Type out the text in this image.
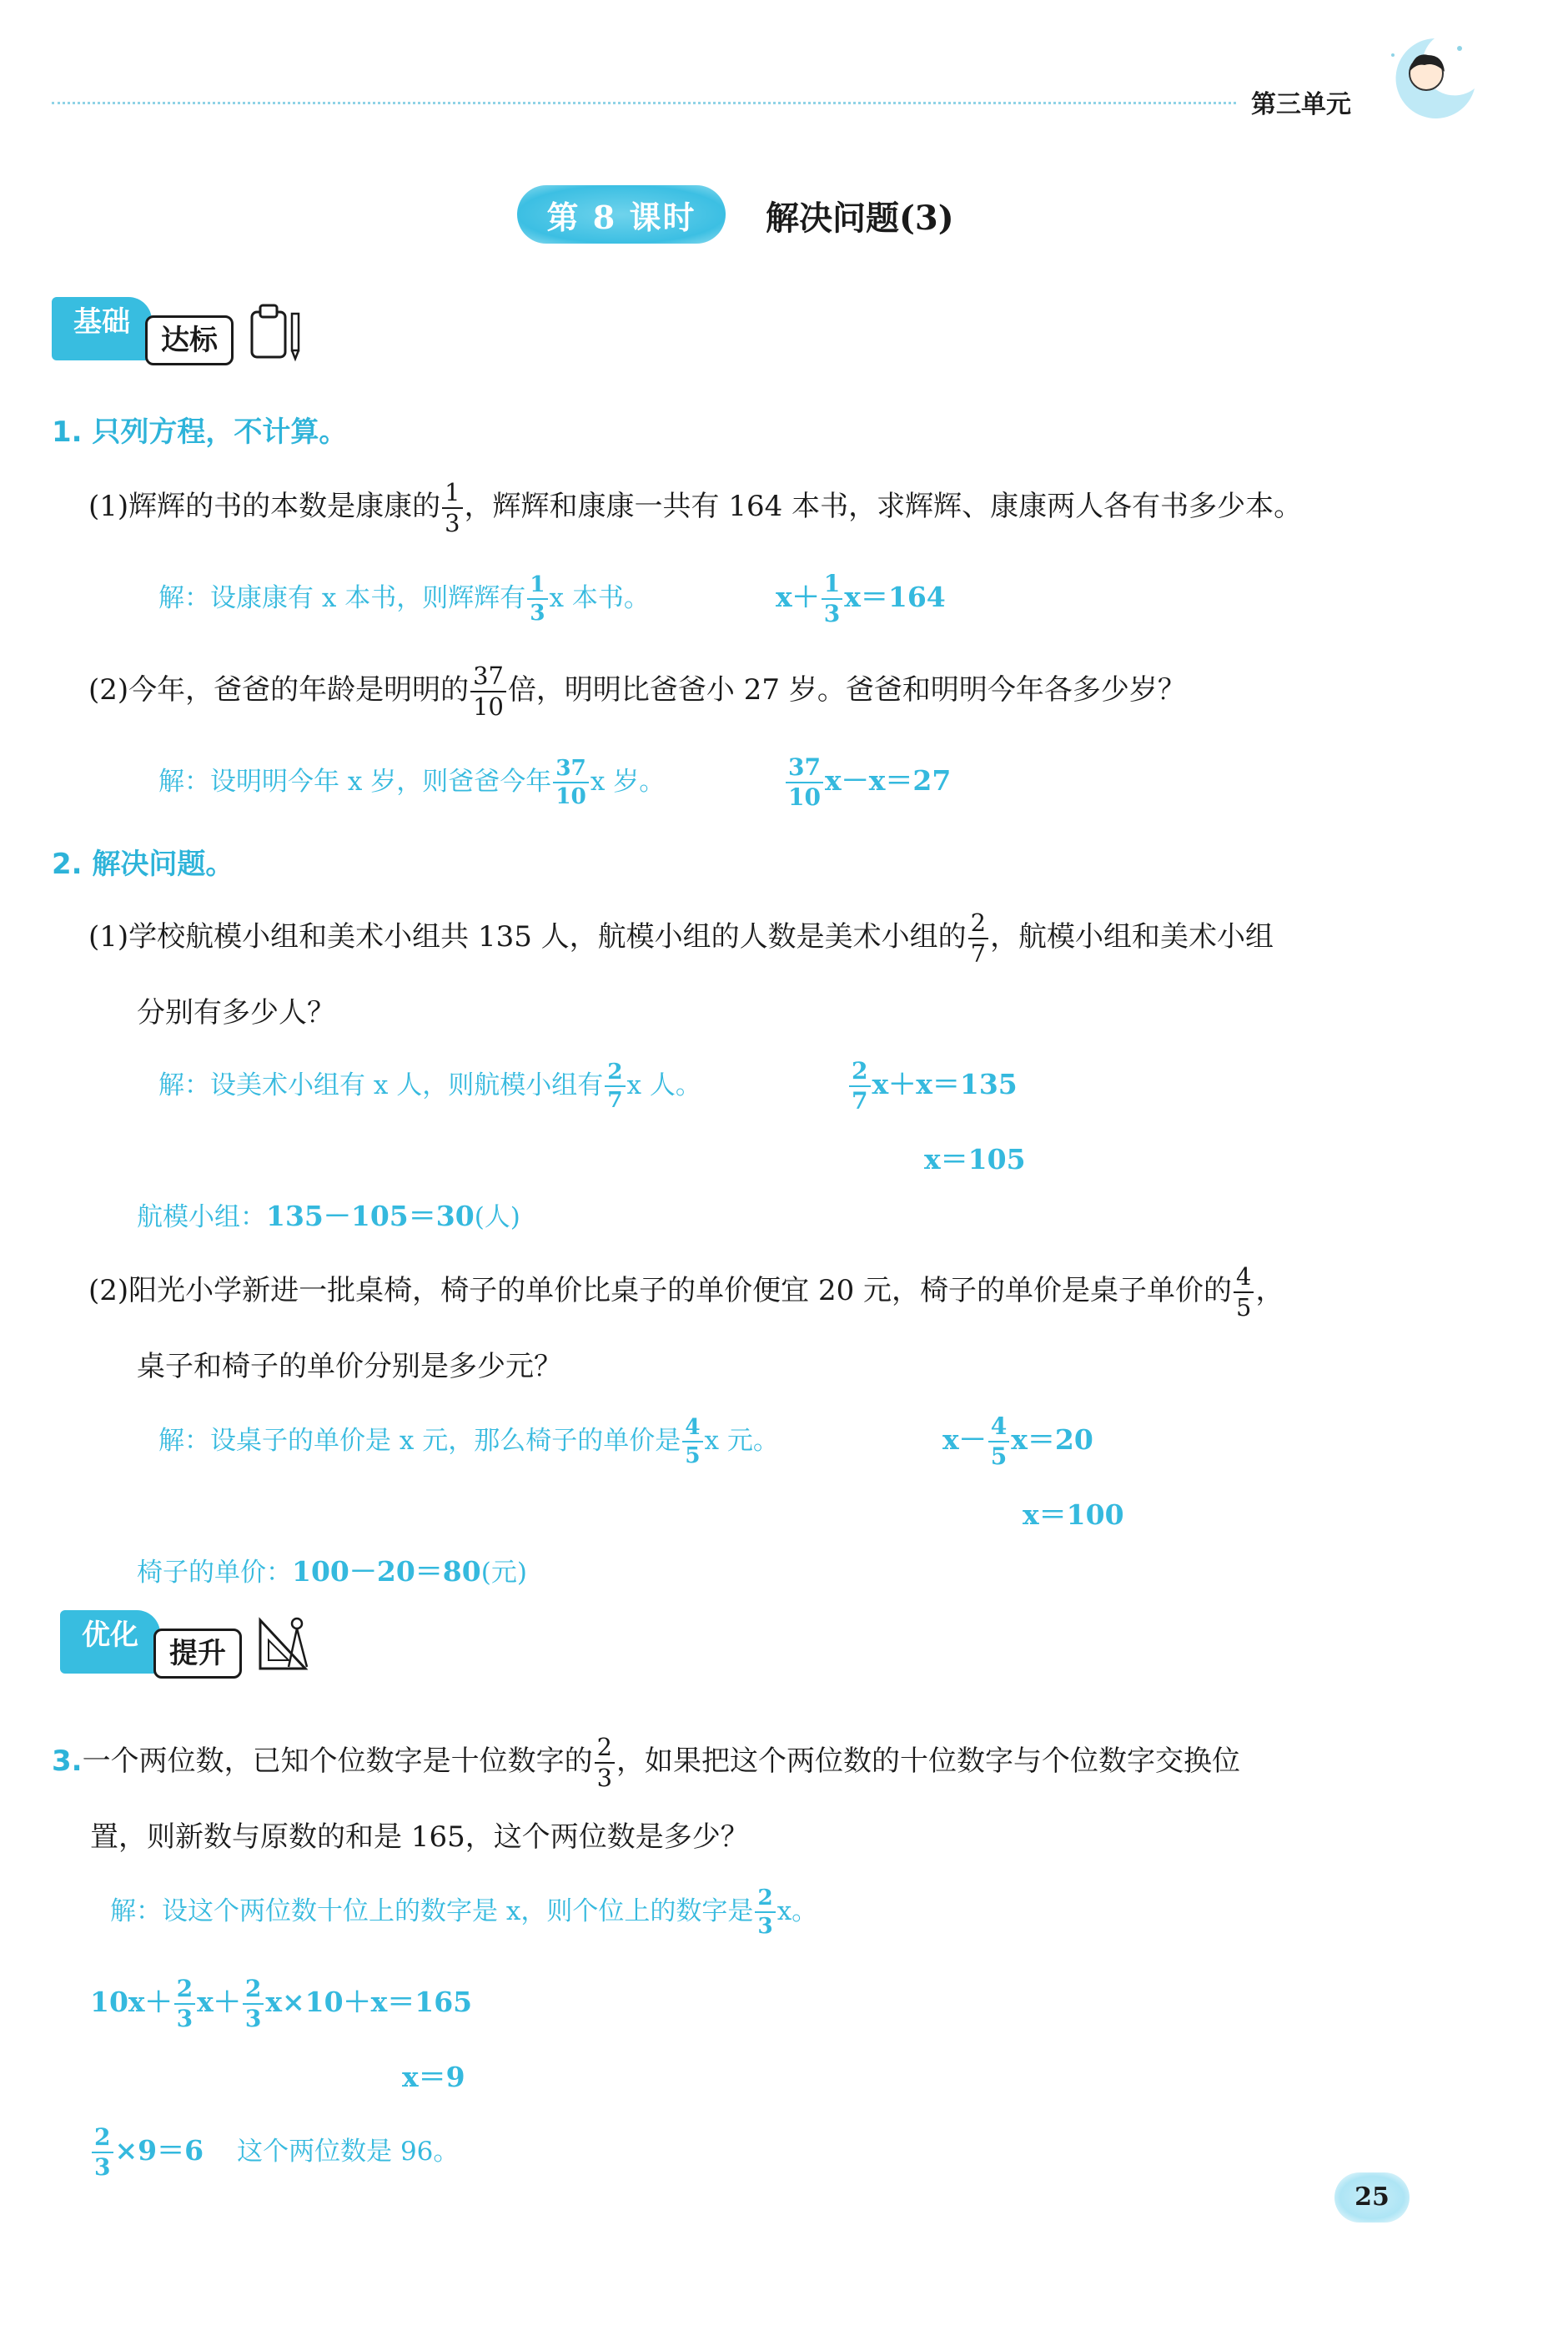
第三单元
第 8 课时	解决问题(3)
基础
达标
1. 只列方程，不计算。
(1)辉辉的书的本数是康康的 $\frac{1}{3}$ ，辉辉和康康一共有 164 本书，求辉辉、康康两人各有书多少本。
解：设康康有 x 本书，则辉辉有 $\frac{1}{3}$ x 本书。	$x+ \frac{1}{3} x=164$
(2)今年，爸爸的年龄是明明的 $\frac{37}{10}$ 倍，明明比爸爸小 27 岁。爸爸和明明今年各多少岁？
解：设明明今年 x 岁，则爸爸今年 $\frac{37}{10}$ x 岁。	$\frac{37}{10} x-x=27$
2. 解决问题。
(1)学校航模小组和美术小组共 135 人，航模小组的人数是美术小组的 $\frac{2}{7}$ ，航模小组和美术小组
分别有多少人？
解：设美术小组有 x 人，则航模小组有 $\frac{2}{7}$ x 人。	$\frac{2}{7} x+x=135$
x＝105
航模小组：135－105＝30(人)
(2)阳光小学新进一批桌椅，椅子的单价比桌子的单价便宜 20 元，椅子的单价是桌子单价的 $\frac{4}{5}$ ，
桌子和椅子的单价分别是多少元？
解：设桌子的单价是 x 元，那么椅子的单价是 $\frac{4}{5}$ x 元。	$x- \frac{4}{5} x=20$
x＝100
椅子的单价：100－20＝80(元)
优化
提升
3.一个两位数，已知个位数字是十位数字的 $\frac{2}{3}$ ，如果把这个两位数的十位数字与个位数字交换位
置，则新数与原数的和是 165，这个两位数是多少？
解：设这个两位数十位上的数字是 x，则个位上的数字是 $\frac{2}{3}$ x。
$10x+ \frac{2}{3} x+ \frac{2}{3} x\times 10+x=165$
x＝9
$\frac{2}{3} \times 9=6$ 这个两位数是 96。
25
